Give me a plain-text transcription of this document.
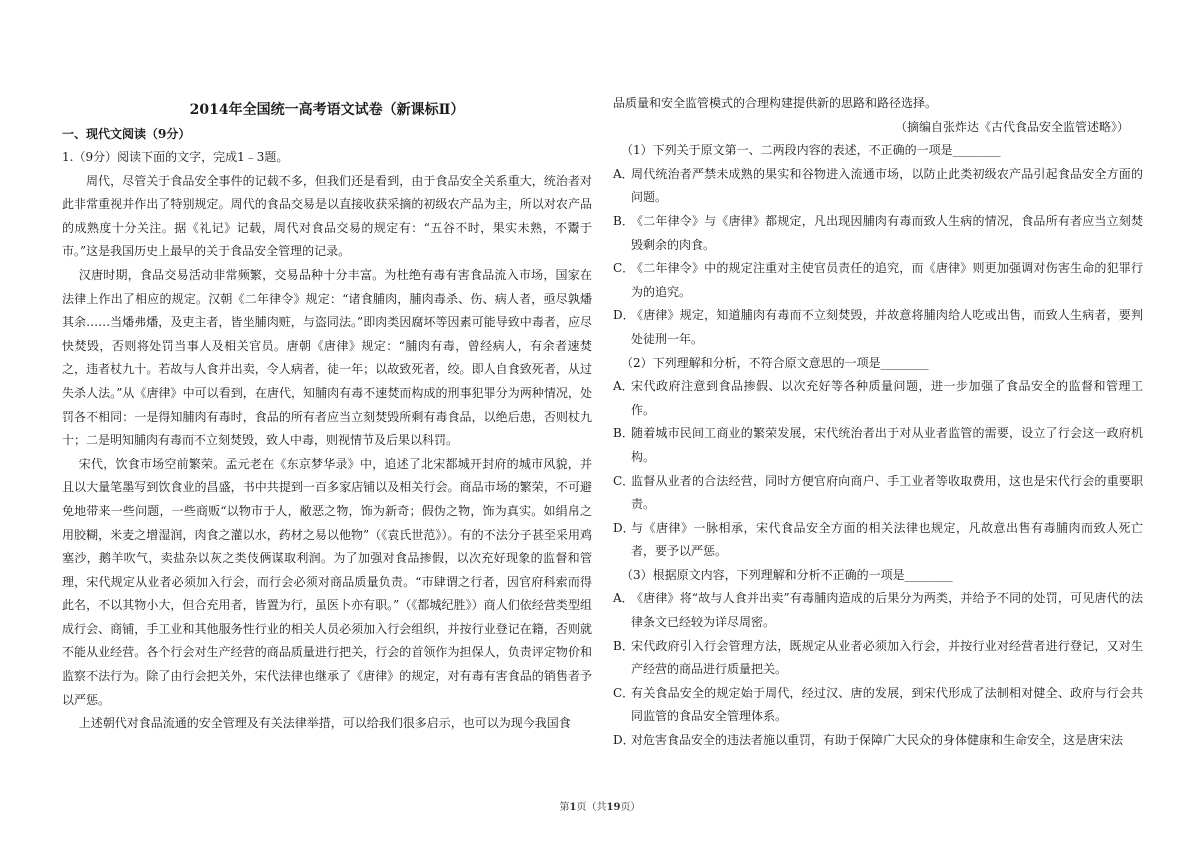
2014年全国统一高考语文试卷（新课标Ⅱ）
一、现代文阅读（9分）

1.（9分）阅读下面的文字，完成1﹣3题。

周代，尽管关于食品安全事件的记载不多，但我们还是看到，由于食品安全关系重大，统治者对此非常重视并作出了特别规定。周代的食品交易是以直接收获采摘的初级农产品为主，所以对农产品的成熟度十分关注。据《礼记》记载，周代对食品交易的规定有：“五谷不时，果实未熟，不鬻于市。”这是我国历史上最早的关于食品安全管理的记录。

汉唐时期，食品交易活动非常频繁，交易品种十分丰富。为杜绝有毒有害食品流入市场，国家在法律上作出了相应的规定。汉朝《二年律令》规定：“诸食脯肉，脯肉毒杀、伤、病人者，亟尽孰燔其余……当燔弗燔，及吏主者，皆坐脯肉赃，与盗同法。”即肉类因腐坏等因素可能导致中毒者，应尽快焚毁，否则将处罚当事人及相关官员。唐朝《唐律》规定：“脯肉有毒，曾经病人，有余者速焚之，违者杖九十。若故与人食并出卖，令人病者，徒一年；以故致死者，绞。即人自食致死者，从过失杀人法。”从《唐律》中可以看到，在唐代，知脯肉有毒不速焚而构成的刑事犯罪分为两种情况，处罚各不相同：一是得知脯肉有毒时，食品的所有者应当立刻焚毁所剩有毒食品，以绝后患，否则杖九十；二是明知脯肉有毒而不立刻焚毁，致人中毒，则视情节及后果以科罚。

宋代，饮食市场空前繁荣。孟元老在《东京梦华录》中，追述了北宋都城开封府的城市风貌，并且以大量笔墨写到饮食业的昌盛，书中共提到一百多家店铺以及相关行会。商品市场的繁荣，不可避免地带来一些问题，一些商贩“以物市于人，敝恶之物，饰为新奇；假伪之物，饰为真实。如绢帛之用胶糊，米麦之增湿润，肉食之灌以水，药材之易以他物”（《袁氏世范》）。有的不法分子甚至采用鸡塞沙，鹅羊吹气，卖盐杂以灰之类伎俩谋取利润。为了加强对食品掺假，以次充好现象的监督和管理，宋代规定从业者必须加入行会，而行会必须对商品质量负责。“市肆谓之行者，因官府科索而得此名，不以其物小大，但合充用者，皆置为行，虽医卜亦有职。”（《都城纪胜》）商人们依经营类型组成行会、商铺，手工业和其他服务性行业的相关人员必须加入行会组织，并按行业登记在籍，否则就不能从业经营。各个行会对生产经营的商品质量进行把关，行会的首领作为担保人，负责评定物价和监察不法行为。除了由行会把关外，宋代法律也继承了《唐律》的规定，对有毒有害食品的销售者予以严惩。

上述朝代对食品流通的安全管理及有关法律举措，可以给我们很多启示，也可以为现今我国食

品质量和安全监管模式的合理构建提供新的思路和路径选择。

（摘编自张炸达《古代食品安全监管述略》）

（1）下列关于原文第一、二两段内容的表述，不正确的一项是________

A．
周代统治者严禁未成熟的果实和谷物进入流通市场，以防止此类初级农产品引起食品安全方面的问题。
B．
《二年律令》与《唐律》都规定，凡出现因脯肉有毒而致人生病的情况，食品所有者应当立刻焚毁剩余的肉食。
C．
《二年律令》中的规定注重对主使官员责任的追究，而《唐律》则更加强调对伤害生命的犯罪行为的追究。
D．
《唐律》规定，知道脯肉有毒而不立刻焚毁，并故意将脯肉给人吃或出售，而致人生病者，要判处徒刑一年。

（2）下列理解和分析，不符合原文意思的一项是________

A．
宋代政府注意到食品掺假、以次充好等各种质量问题，进一步加强了食品安全的监督和管理工作。
B．
随着城市民间工商业的繁荣发展，宋代统治者出于对从业者监管的需要，设立了行会这一政府机构。
C．
监督从业者的合法经营，同时方便官府向商户、手工业者等收取费用，这也是宋代行会的重要职责。
D．
与《唐律》一脉相承，宋代食品安全方面的相关法律也规定，凡故意出售有毒脯肉而致人死亡者，要予以严惩。

（3）根据原文内容，下列理解和分析不正确的一项是________

A．
《唐律》将“故与人食并出卖”有毒脯肉造成的后果分为两类，并给予不同的处罚，可见唐代的法律条文已经较为详尽周密。
B．
宋代政府引入行会管理方法，既规定从业者必须加入行会，并按行业对经营者进行登记，又对生产经营的商品进行质量把关。
C．
有关食品安全的规定始于周代，经过汉、唐的发展，到宋代形成了法制相对健全、政府与行会共同监管的食品安全管理体系。
D．
对危害食品安全的违法者施以重罚，有助于保障广大民众的身体健康和生命安全，这是唐宋法
第1页（共19页）
